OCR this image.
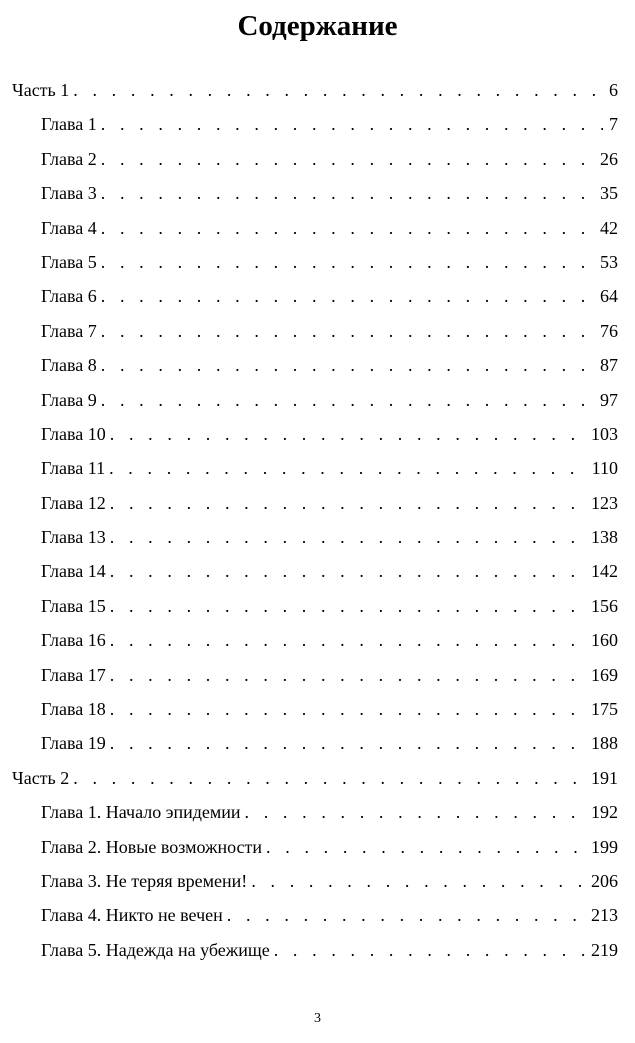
Содержание
Часть 1 . . .	6
Глава 1 . . .	7
Глава 2 . . .	26
Глава 3 . . .	35
Глава 4 . . .	42
Глава 5 . . .	53
Глава 6 . . .	64
Глава 7 . . .	76
Глава 8 . . .	87
Глава 9 . . .	97
Глава 10 . . .	103
Глава 11 . . .	110
Глава 12 . . .	123
Глава 13 . . .	138
Глава 14 . . .	142
Глава 15 . . .	156
Глава 16 . . .	160
Глава 17 . . .	169
Глава 18 . . .	175
Глава 19 . . .	188
Часть 2 . . .	191
Глава 1. Начало эпидемии . . .	192
Глава 2. Новые возможности . . .	199
Глава 3. Не теряя времени! . . .	206
Глава 4. Никто не вечен . . .	213
Глава 5. Надежда на убежище . . .	219
3
